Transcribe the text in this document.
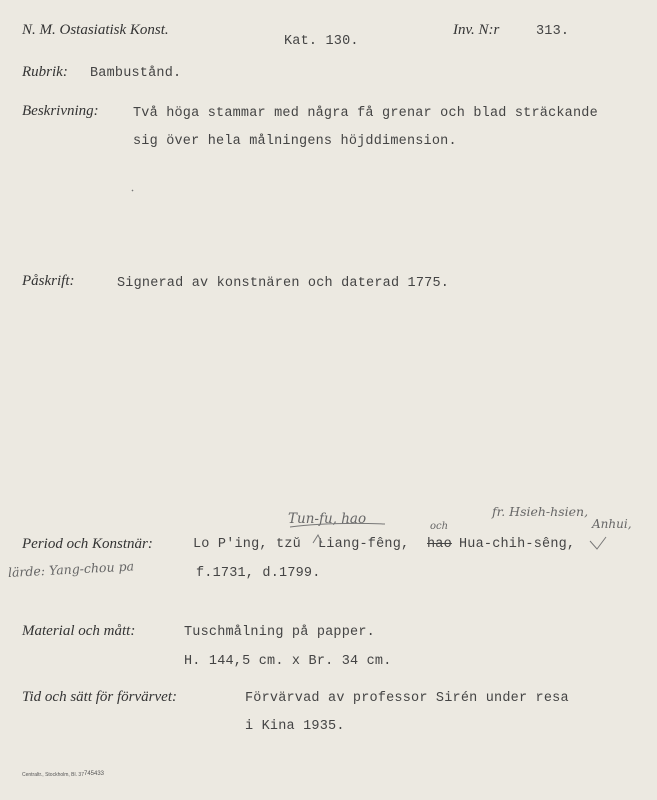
N. M. Ostasiatisk Konst.
Kat. 130.
Inv. N:r	313.
Rubrik: Bambustånd.
Beskrivning:	Två höga stammar med några få grenar och blad sträckande
sig över hela målningens höjddimension.
Påskrift:	Signerad av konstnären och daterad 1775.
Tun-fu, hao	och
fr. Hsieh-hsien,
Anhui,
Period och Konstnär:	Lo P'ing, tzŭ Liang-fêng, hao Hua-chih-sêng,
lärde: Yang-chou pa	f.1731, d.1799.
Material och mått:	Tuschmålning på papper.
H. 144,5 cm. x Br. 34 cm.
Tid och sätt för förvärvet:	Förvärvad av professor Sirén under resa
i Kina 1935.
Centraltr., Stockholm, Bl. 37 745433
